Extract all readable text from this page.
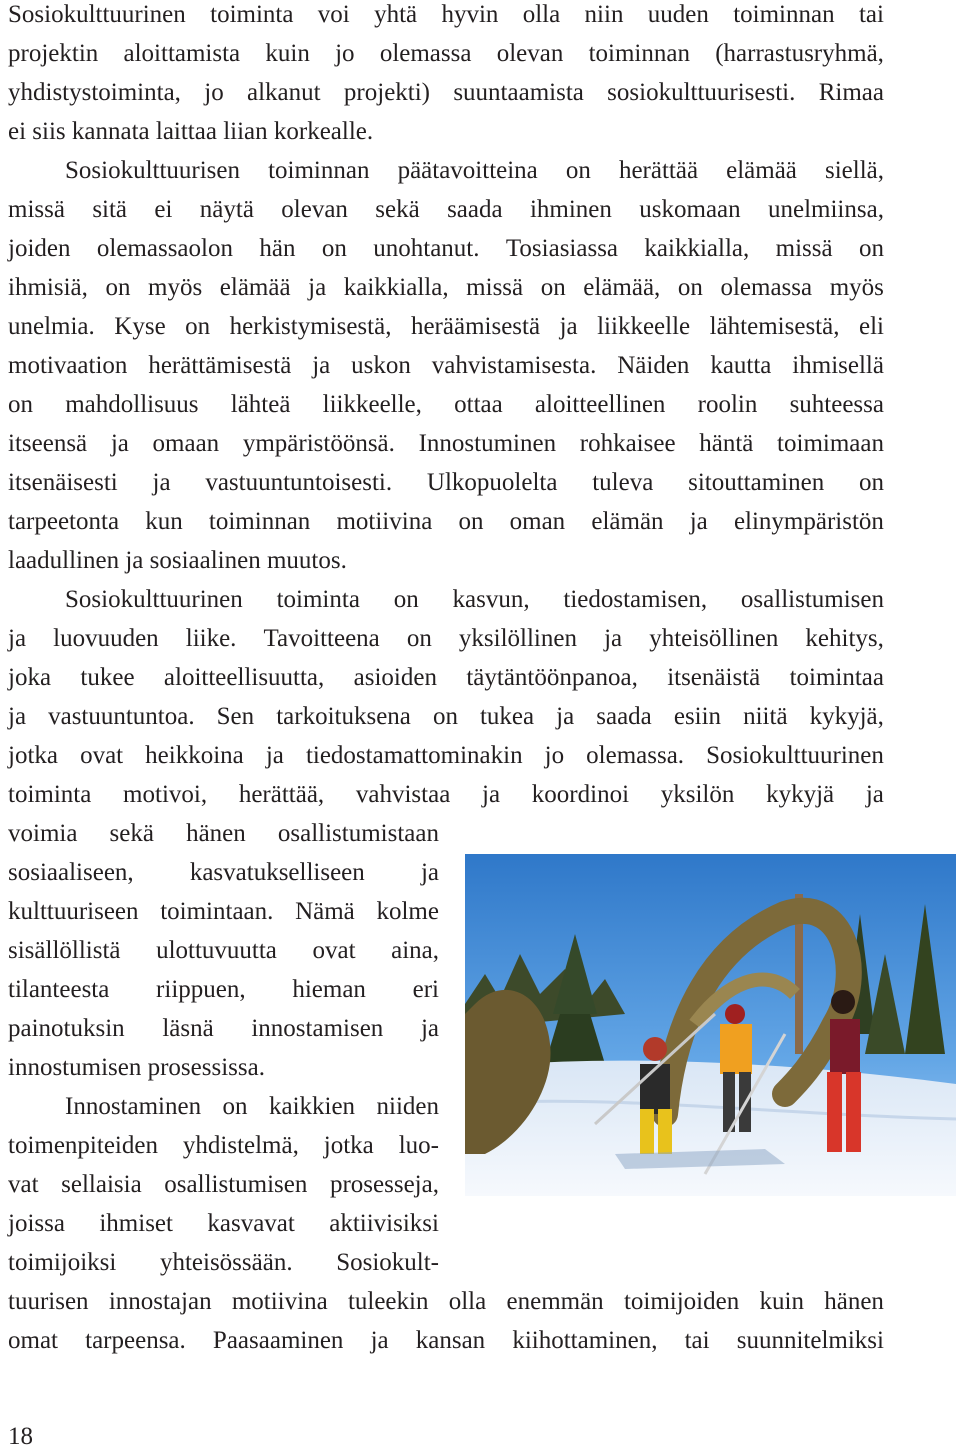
Sosiokulttuurinen toiminta voi yhtä hyvin olla niin uuden toiminnan tai
projektin aloittamista kuin jo olemassa olevan toiminnan (harrastusryhmä,
yhdistystoiminta, jo alkanut projekti) suuntaamista sosiokulttuurisesti. Rimaa
ei siis kannata laittaa liian korkealle.
Sosiokulttuurisen toiminnan päätavoitteina on herättää elämää siellä,
missä sitä ei näytä olevan sekä saada ihminen uskomaan unelmiinsa,
joiden olemassaolon hän on unohtanut. Tosiasiassa kaikkialla, missä on
ihmisiä, on myös elämää ja kaikkialla, missä on elämää, on olemassa myös
unelmia. Kyse on herkistymisestä, heräämisestä ja liikkeelle lähtemisestä, eli
motivaation herättämisestä ja uskon vahvistamisesta. Näiden kautta ihmisellä
on mahdollisuus lähteä liikkeelle, ottaa aloitteellinen roolin suhteessa
itseensä ja omaan ympäristöönsä. Innostuminen rohkaisee häntä toimimaan
itsenäisesti ja vastuuntuntoisesti. Ulkopuolelta tuleva sitouttaminen on
tarpeetonta kun toiminnan motiivina on oman elämän ja elinympäristön
laadullinen ja sosiaalinen muutos.
Sosiokulttuurinen toiminta on kasvun, tiedostamisen, osallistumisen
ja luovuuden liike. Tavoitteena on yksilöllinen ja yhteisöllinen kehitys,
joka tukee aloitteellisuutta, asioiden täytäntöönpanoa, itsenäistä toimintaa
ja vastuuntuntoa. Sen tarkoituksena on tukea ja saada esiin niitä kykyjä,
jotka ovat heikkoina ja tiedostamattominakin jo olemassa. Sosiokulttuurinen
toiminta motivoi, herättää, vahvistaa ja koordinoi yksilön kykyjä ja
voimia sekä hänen osallistumistaan
sosiaaliseen, kasvatukselliseen ja
kulttuuriseen toimintaan. Nämä kolme
sisällöllistä ulottuvuutta ovat aina,
tilanteesta riippuen, hieman eri
painotuksin läsnä innostamisen ja
innostumisen prosessissa.
Innostaminen on kaikkien niiden
toimenpiteiden yhdistelmä, jotka luo-
vat sellaisia osallistumisen prosesseja,
joissa ihmiset kasvavat aktiivisiksi
toimijoiksi yhteisössään. Sosiokult-
tuurisen innostajan motiivina tuleekin olla enemmän toimijoiden kuin hänen
omat tarpeensa. Paasaaminen ja kansan kiihottaminen, tai suunnitelmiksi
18
